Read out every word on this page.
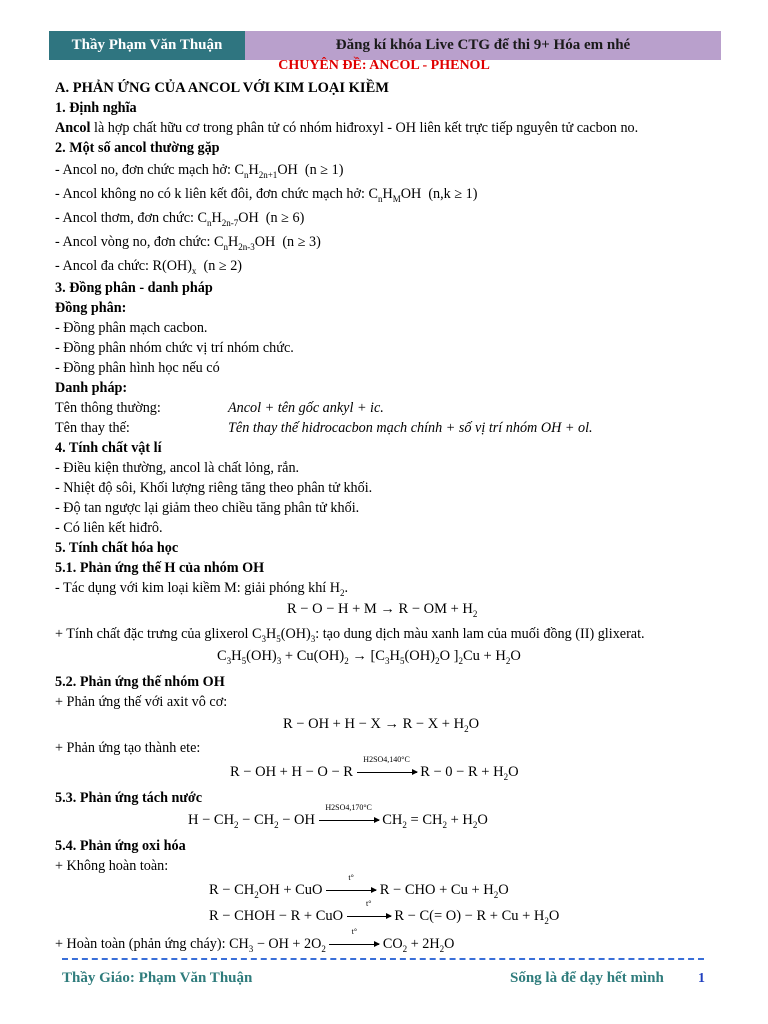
Thầy Phạm Văn Thuận	Đăng kí khóa Live CTG để thi 9+ Hóa em nhé
CHUYÊN ĐỀ: ANCOL - PHENOL
A. PHẢN ỨNG CỦA ANCOL VỚI KIM LOẠI KIỀM
1. Định nghĩa
Ancol là hợp chất hữu cơ trong phân tử có nhóm hiđroxyl - OH liên kết trực tiếp nguyên tử cacbon no.
2. Một số ancol thường gặp
- Ancol no, đơn chức mạch hở: $C_nH_{2n+1}OH$  (n ≥ 1)
- Ancol không no có k liên kết đôi, đơn chức mạch hở: $C_nH_MOH$  (n,k ≥ 1)
- Ancol thơm, đơn chức: $C_nH_{2n-7}OH$  (n ≥ 6)
- Ancol vòng no, đơn chức: $C_nH_{2n-3}OH$  (n ≥ 3)
- Ancol đa chức: $R(OH)_x$ (n ≥ 2)
3. Đồng phân - danh pháp
Đồng phân:
- Đồng phân mạch cacbon.
- Đồng phân nhóm chức vị trí nhóm chức.
- Đồng phân hình học nếu có
Danh pháp:
Tên thông thường:	Ancol + tên gốc ankyl + ic.
Tên thay thế:	Tên thay thế hidrocacbon mạch chính + số vị trí nhóm OH + ol.
4. Tính chất vật lí
- Điều kiện thường, ancol là chất lỏng, rắn.
- Nhiệt độ sôi, Khối lượng riêng tăng theo phân tử khối.
- Độ tan ngược lại giảm theo chiều tăng phân tử khối.
- Có liên kết hiđrô.
5. Tính chất hóa học
5.1. Phản ứng thế H của nhóm OH
- Tác dụng với kim loại kiềm M: giải phóng khí $H_2$.
R − O − H + M → R − OM + $H_2$
+ Tính chất đặc trưng của glixerol $C_3H_5(OH)_3$: tạo dung dịch màu xanh lam của muối đồng (II) glixerat.
$C_3H_5(OH)_3 + Cu(OH)_2 \to [C_3H_5(OH)_2O$ ]$_2Cu + H_2O$
5.2. Phản ứng thế nhóm OH
+ Phản ứng thế với axit vô cơ:
R − OH + $H - X \to R - X + H_2O$
+ Phản ứng tạo thành ete:
R − OH + H − O − R
H2SO4,140°C
$R - 0 - R + H_2O$
5.3. Phản ứng tách nước
$H - CH_2 - CH_2$ − OH
H2SO4,170°C
$CH_2 = CH_2 + H_2O$
5.4. Phản ứng oxi hóa
+ Không hoàn toàn:
$R - CH_2OH$ + CuO
t°
R − CHO + $Cu + H_2O$
R − CHOH − R + CuO
t°
$R - C(= O) - R + Cu + H_2O$
+ Hoàn toàn (phản ứng cháy): $CH_3$ − OH + $2O_2$
t°
$CO_2 + 2H_2O$
Thầy Giáo: Phạm Văn Thuận	Sống là để dạy hết mình 1
